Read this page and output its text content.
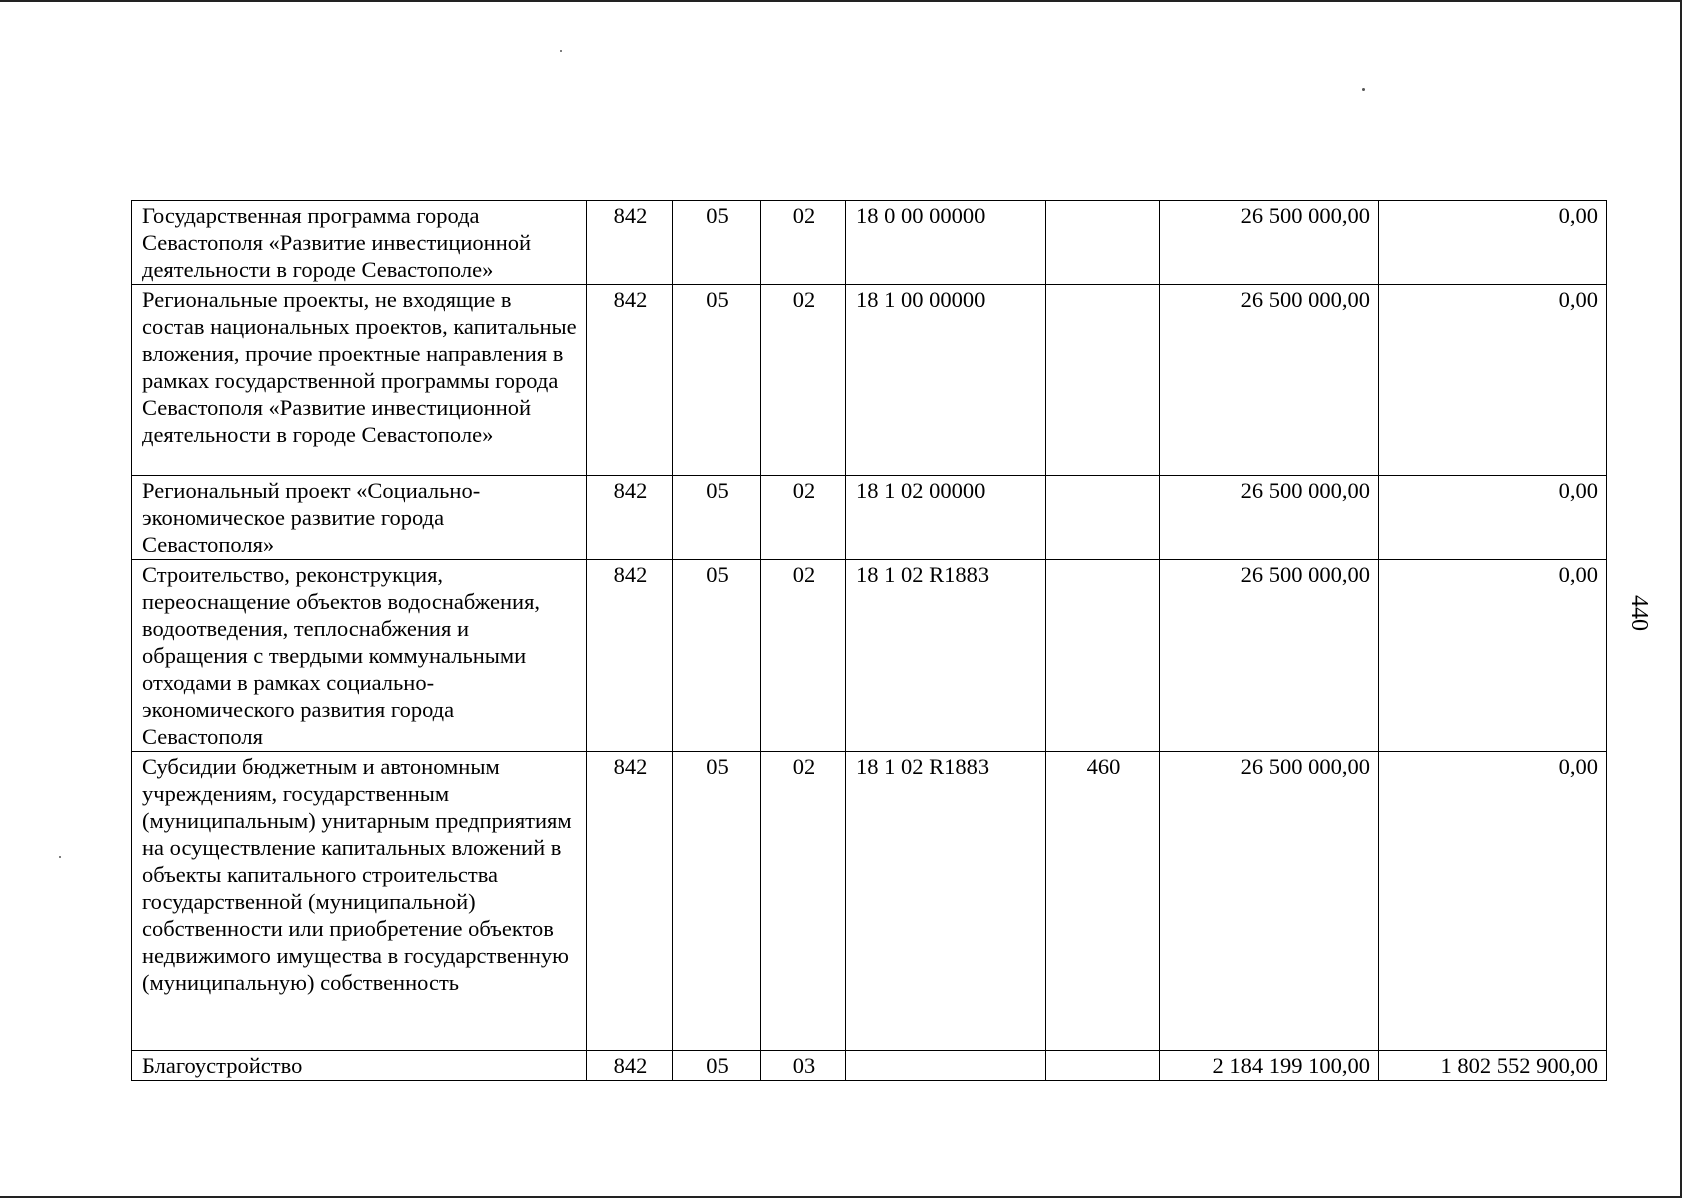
Государственная программа города Севастополя «Развитие инвестиционной деятельности в городе Севастополе»	842	05	02	18 0 00 00000		26 500 000,00	0,00
Региональные проекты, не входящие в состав национальных проектов, капитальные вложения, прочие проектные направления в рамках государственной программы города Севастополя «Развитие инвестиционной деятельности в городе Севастополе»	842	05	02	18 1 00 00000		26 500 000,00	0,00
Региональный проект «Социально-экономическое развитие города Севастополя»	842	05	02	18 1 02 00000		26 500 000,00	0,00
Строительство, реконструкция, переоснащение объектов водоснабжения, водоотведения, теплоснабжения и обращения с твердыми коммунальными отходами в рамках социально-экономического развития города Севастополя	842	05	02	18 1 02 R1883		26 500 000,00	0,00
Субсидии бюджетным и автономным учреждениям, государственным (муниципальным) унитарным предприятиям на осуществление капитальных вложений в объекты капитального строительства государственной (муниципальной) собственности или приобретение объектов недвижимого имущества в государственную (муниципальную) собственность	842	05	02	18 1 02 R1883	460	26 500 000,00	0,00
Благоустройство	842	05	03			2 184 199 100,00	1 802 552 900,00
440
